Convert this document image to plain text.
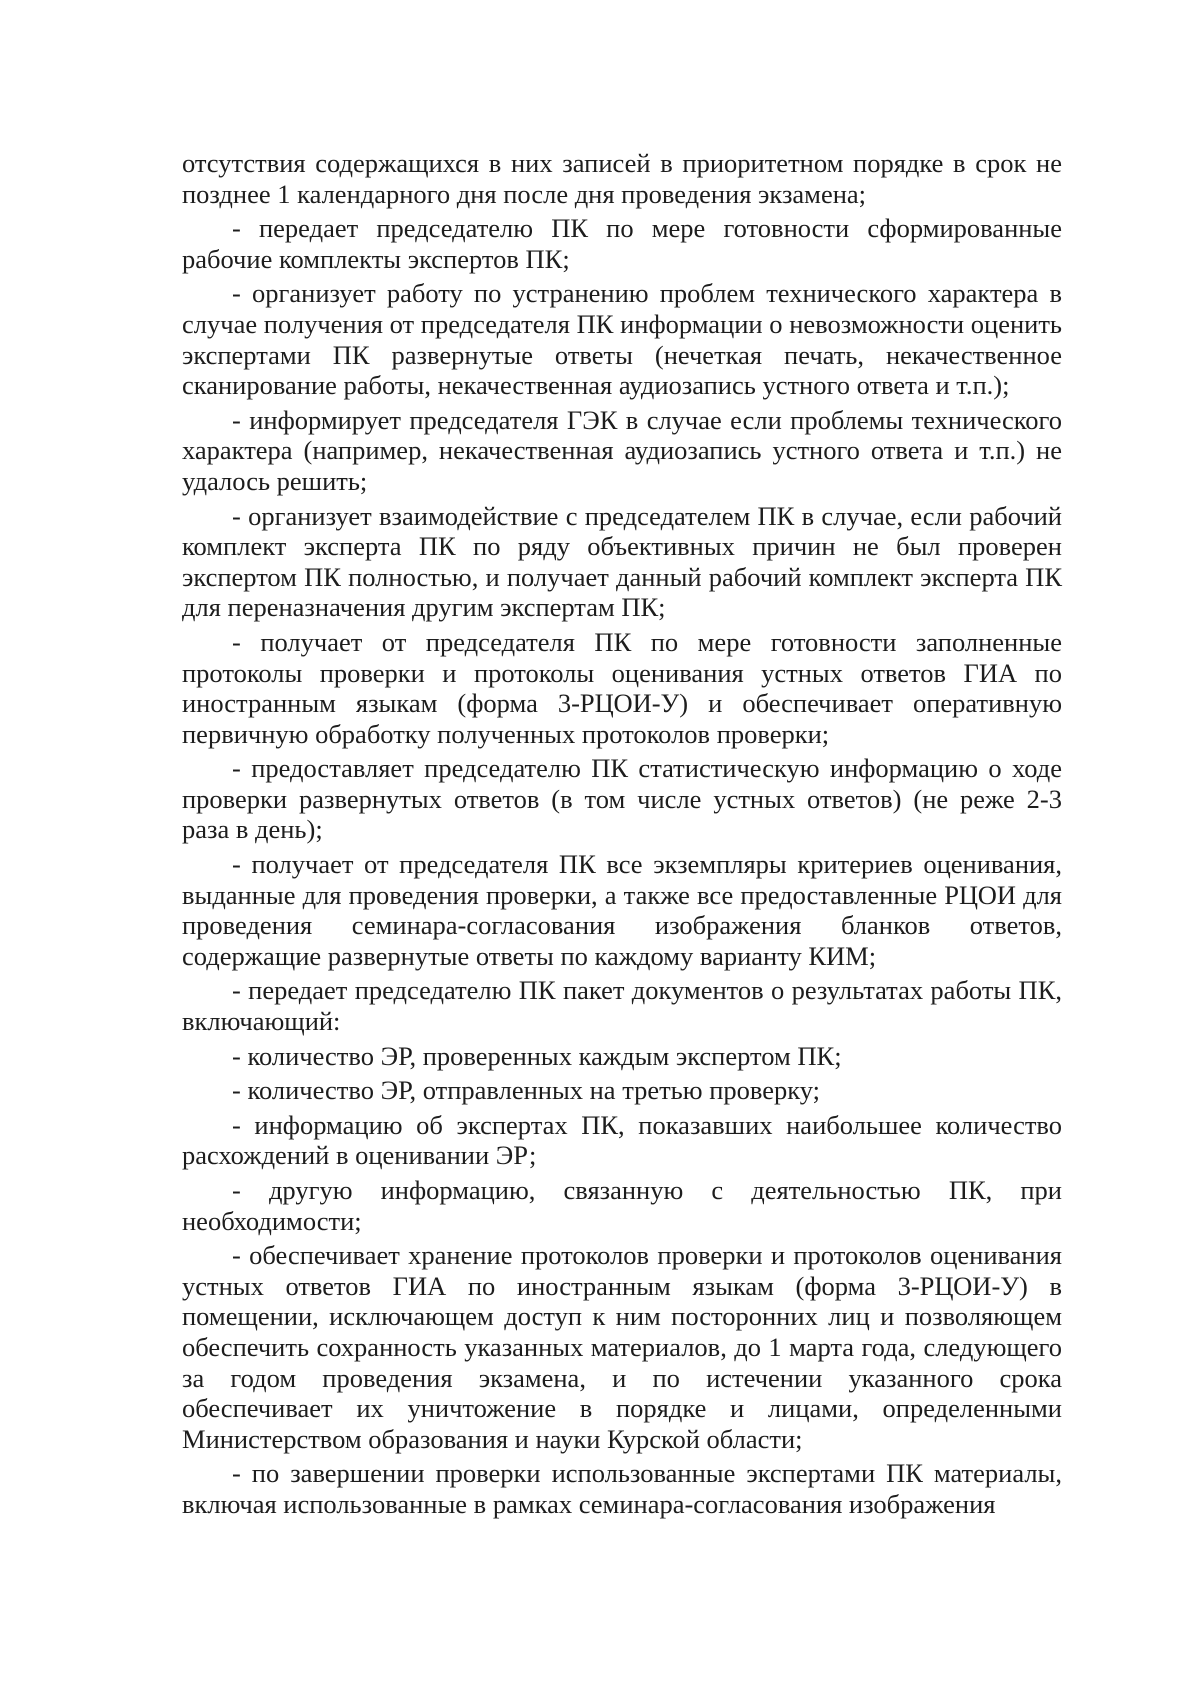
отсутствия содержащихся в них записей в приоритетном порядке в срок не позднее 1 календарного дня после дня проведения экзамена;

- передает председателю ПК по мере готовности сформированные рабочие комплекты экспертов ПК;

- организует работу по устранению проблем технического характера в случае получения от председателя ПК информации о невозможности оценить экспертами ПК развернутые ответы (нечеткая печать, некачественное сканирование работы, некачественная аудиозапись устного ответа и т.п.);

- информирует председателя ГЭК в случае если проблемы технического характера (например, некачественная аудиозапись устного ответа и т.п.) не удалось решить;

- организует взаимодействие с председателем ПК в случае, если рабочий комплект эксперта ПК по ряду объективных причин не был проверен экспертом ПК полностью, и получает данный рабочий комплект эксперта ПК для переназначения другим экспертам ПК;

- получает от председателя ПК по мере готовности заполненные протоколы проверки и протоколы оценивания устных ответов ГИА по иностранным языкам (форма 3-РЦОИ-У) и обеспечивает оперативную первичную обработку полученных протоколов проверки;

- предоставляет председателю ПК статистическую информацию о ходе проверки развернутых ответов (в том числе устных ответов) (не реже 2-3 раза в день);

- получает от председателя ПК все экземпляры критериев оценивания, выданные для проведения проверки, а также все предоставленные РЦОИ для проведения семинара-согласования изображения бланков ответов, содержащие развернутые ответы по каждому варианту КИМ;

- передает председателю ПК пакет документов о результатах работы ПК, включающий:

- количество ЭР, проверенных каждым экспертом ПК;

- количество ЭР, отправленных на третью проверку;

- информацию об экспертах ПК, показавших наибольшее количество расхождений в оценивании ЭР;

- другую информацию, связанную с деятельностью ПК, при необходимости;

- обеспечивает хранение протоколов проверки и протоколов оценивания устных ответов ГИА по иностранным языкам (форма 3-РЦОИ-У) в помещении, исключающем доступ к ним посторонних лиц и позволяющем обеспечить сохранность указанных материалов, до 1 марта года, следующего за годом проведения экзамена, и по истечении указанного срока обеспечивает их уничтожение в порядке и лицами, определенными Министерством образования и науки Курской области;

- по завершении проверки использованные экспертами ПК материалы, включая использованные в рамках семинара-согласования изображения
